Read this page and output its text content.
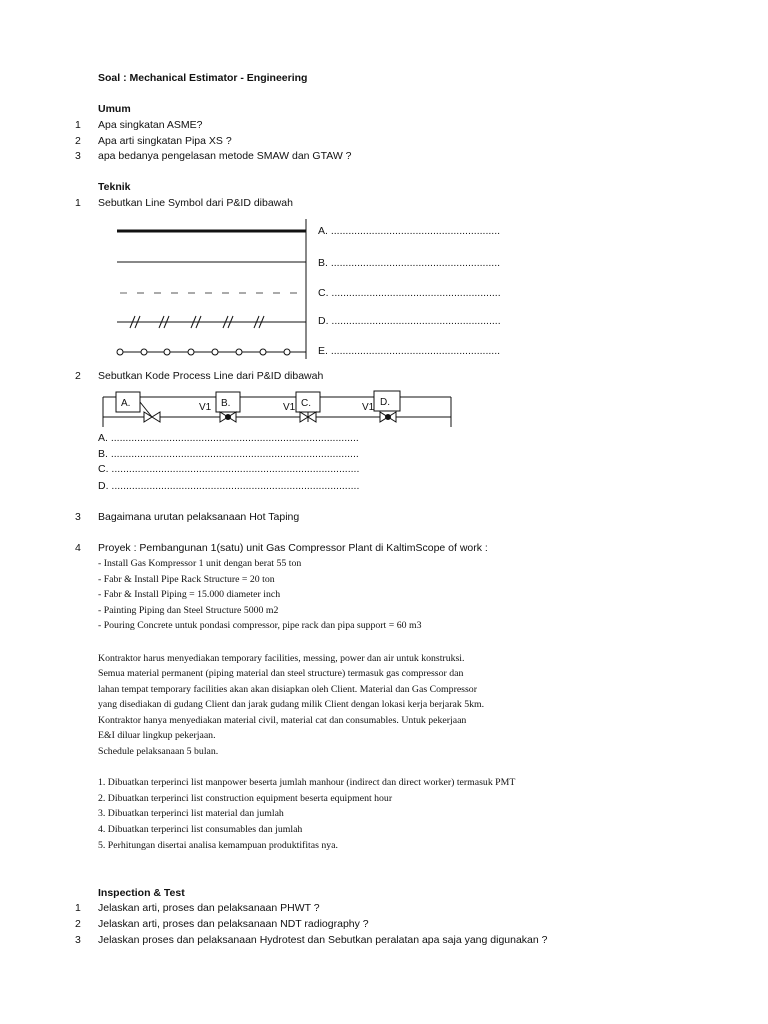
Soal : Mechanical Estimator - Engineering
Umum
1 Apa singkatan ASME?
2 Apa arti singkatan Pipa XS ?
3 apa bedanya pengelasan metode SMAW dan GTAW ?
Teknik
1 Sebutkan Line Symbol dari P&ID dibawah
A. ..........................................................
B. ..........................................................
C. ..........................................................
D. ..........................................................
E. ..........................................................
2 Sebutkan Kode Process Line dari P&ID dibawah
A.	B.	C.	D.
V1	V1	V1
A. .....................................................................................
B. .....................................................................................
C. .....................................................................................
D. .....................................................................................
3 Bagaimana urutan pelaksanaan Hot Taping
4 Proyek : Pembangunan 1(satu) unit Gas Compressor Plant di KaltimScope of work :
- Install Gas Kompressor 1 unit dengan berat 55 ton
- Fabr & Install Pipe Rack Structure = 20 ton
- Fabr & Install Piping = 15.000 diameter inch
- Painting Piping dan Steel Structure 5000 m2
- Pouring Concrete untuk pondasi compressor, pipe rack dan pipa support = 60 m3
Kontraktor harus menyediakan temporary facilities, messing, power dan air untuk konstruksi.
Semua material permanent (piping material dan steel structure) termasuk gas compressor dan
lahan tempat temporary facilities akan akan disiapkan oleh Client. Material dan Gas Compressor
yang disediakan di gudang Client dan jarak gudang milik Client dengan lokasi kerja berjarak 5km.
Kontraktor hanya menyediakan material civil, material cat dan consumables. Untuk pekerjaan
E&I diluar lingkup pekerjaan.
Schedule pelaksanaan 5 bulan.
1. Dibuatkan terperinci list manpower beserta jumlah manhour (indirect dan direct worker) termasuk PMT
2. Dibuatkan terperinci list construction equipment beserta equipment hour
3. Dibuatkan terperinci list material dan jumlah
4. Dibuatkan terperinci list consumables dan jumlah
5. Perhitungan disertai analisa kemampuan produktifitas nya.
Inspection & Test
1 Jelaskan arti, proses dan pelaksanaan PHWT ?
2 Jelaskan arti, proses dan pelaksanaan NDT radiography ?
3 Jelaskan proses dan pelaksanaan Hydrotest dan Sebutkan peralatan apa saja yang digunakan ?
